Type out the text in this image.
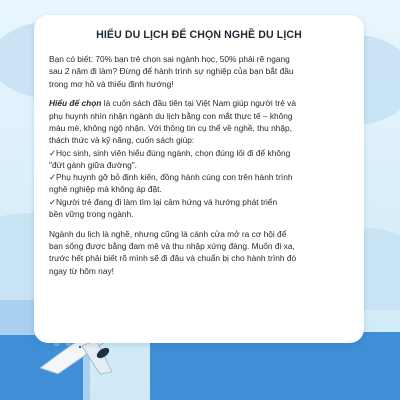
HIỂU DU LỊCH ĐỂ CHỌN NGHỀ DU LỊCH

Bạn có biết: 70% bạn trẻ chọn sai ngành học, 50% phải rẽ ngang
sau 2 năm đi làm? Đừng để hành trình sự nghiệp của bạn bắt đầu
trong mơ hồ và thiếu định hướng!

Hiểu để chọn là cuốn sách đầu tiên tại Việt Nam giúp người trẻ và
phụ huynh nhìn nhận ngành du lịch bằng con mắt thực tế – không
màu mè, không ngộ nhận. Với thông tin cụ thể về nghề, thu nhập,
thách thức và kỹ năng, cuốn sách giúp:
✓Học sinh, sinh viên hiểu đúng ngành, chọn đúng lối đi để không
"đứt gánh giữa đường".
✓Phụ huynh gỡ bỏ định kiến, đồng hành cùng con trên hành trình
nghề nghiệp mà không áp đặt.
✓Người trẻ đang đi làm tìm lại cảm hứng và hướng phát triển
bền vững trong ngành.

Ngành du lịch là nghề, nhưng cũng là cánh cửa mở ra cơ hội để
bạn sống được bằng đam mê và thu nhập xứng đáng. Muốn đi xa,
trước hết phải biết rõ mình sẽ đi đâu và chuẩn bị cho hành trình đó
ngay từ hôm nay!
